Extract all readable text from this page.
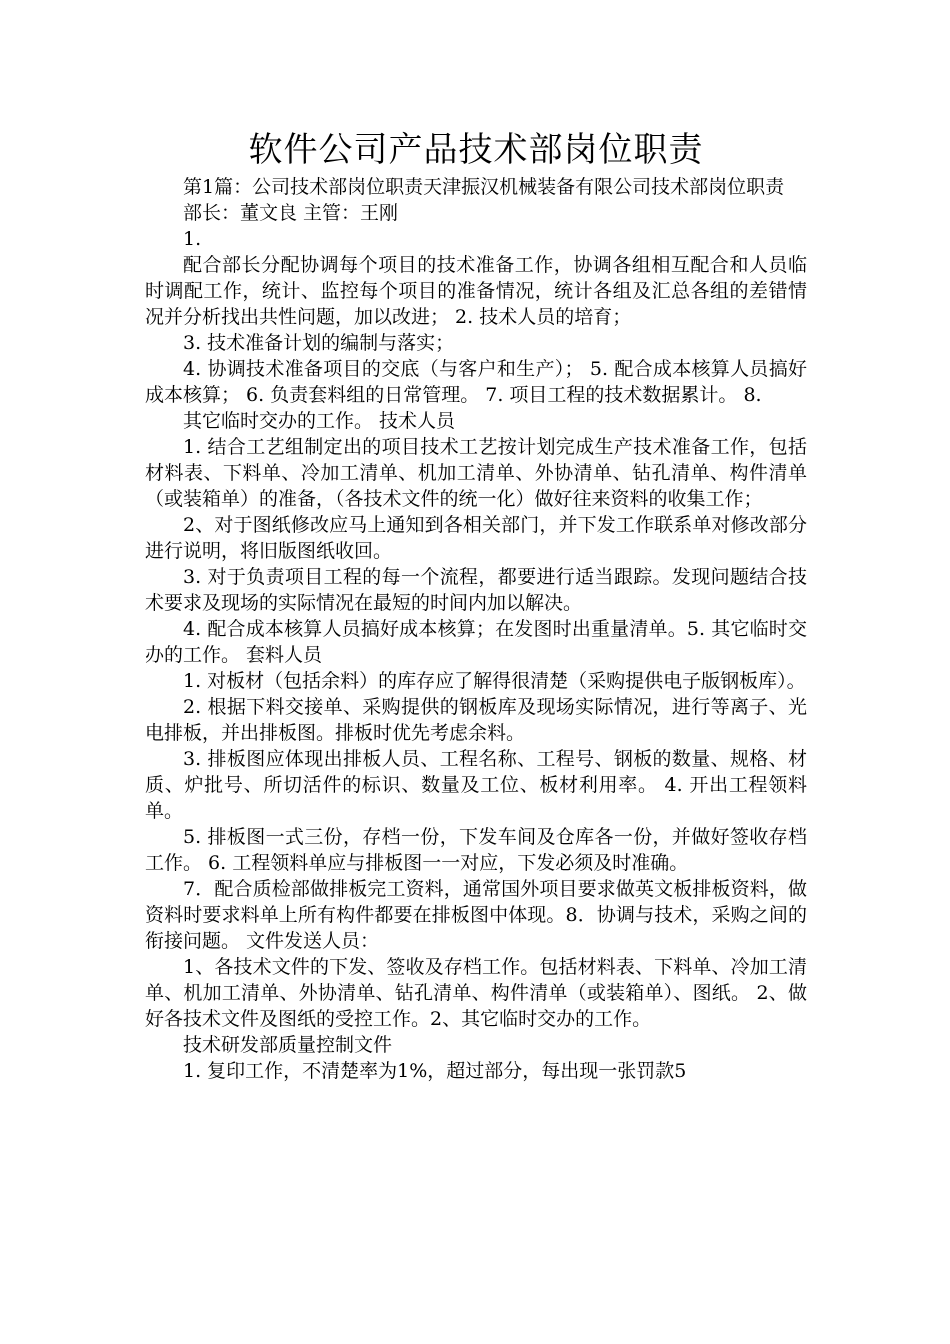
软件公司产品技术部岗位职责

第1篇：公司技术部岗位职责天津振汉机械装备有限公司技术部岗位职责

部长：董文良 主管：王刚

1.

配合部长分配协调每个项目的技术准备工作，协调各组相互配合和人员临时调配工作，统计、监控每个项目的准备情况，统计各组及汇总各组的差错情况并分析找出共性问题，加以改进； 2. 技术人员的培育；

3. 技术准备计划的编制与落实；

4. 协调技术准备项目的交底（与客户和生产）； 5. 配合成本核算人员搞好成本核算； 6. 负责套料组的日常管理。 7. 项目工程的技术数据累计。 8.

其它临时交办的工作。 技术人员

1. 结合工艺组制定出的项目技术工艺按计划完成生产技术准备工作，包括材料表、下料单、冷加工清单、机加工清单、外协清单、钻孔清单、构件清单（或装箱单）的准备，（各技术文件的统一化）做好往来资料的收集工作；

2、对于图纸修改应马上通知到各相关部门，并下发工作联系单对修改部分进行说明，将旧版图纸收回。

3. 对于负责项目工程的每一个流程，都要进行适当跟踪。发现问题结合技术要求及现场的实际情况在最短的时间内加以解决。

4. 配合成本核算人员搞好成本核算；在发图时出重量清单。5. 其它临时交办的工作。 套料人员

1. 对板材（包括余料）的库存应了解得很清楚（采购提供电子版钢板库）。

2. 根据下料交接单、采购提供的钢板库及现场实际情况，进行等离子、光电排板，并出排板图。排板时优先考虑余料。

3. 排板图应体现出排板人员、工程名称、工程号、钢板的数量、规格、材质、炉批号、所切活件的标识、数量及工位、板材利用率。 4. 开出工程领料单。

5. 排板图一式三份，存档一份，下发车间及仓库各一份，并做好签收存档工作。 6. 工程领料单应与排板图一一对应，下发必须及时准确。

7．配合质检部做排板完工资料，通常国外项目要求做英文板排板资料，做资料时要求料单上所有构件都要在排板图中体现。8．协调与技术，采购之间的衔接问题。 文件发送人员：

1、各技术文件的下发、签收及存档工作。包括材料表、下料单、冷加工清单、机加工清单、外协清单、钻孔清单、构件清单（或装箱单）、图纸。 2、做好各技术文件及图纸的受控工作。2、其它临时交办的工作。

技术研发部质量控制文件

1. 复印工作，不清楚率为1%，超过部分，每出现一张罚款5
